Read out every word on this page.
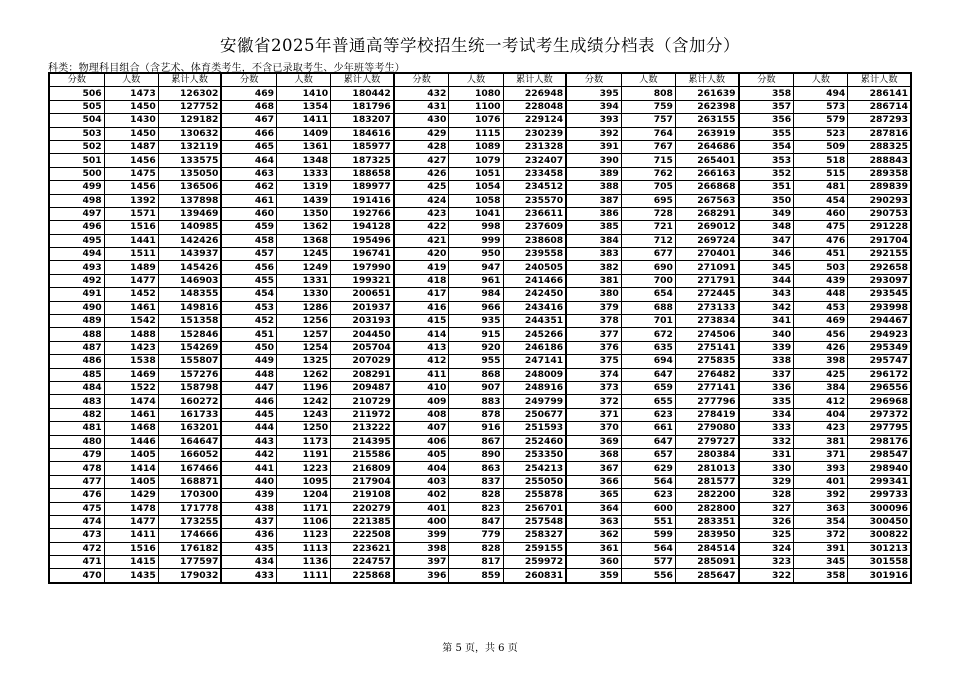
安徽省2025年普通高等学校招生统一考试考生成绩分档表（含加分）
科类：物理科目组合（含艺术、体育类考生，不含已录取考生、少年班等考生）
分数	人数	累计人数	分数	人数	累计人数	分数	人数	累计人数	分数	人数	累计人数	分数	人数	累计人数
506	1473	126302	469	1410	180442	432	1080	226948	395	808	261639	358	494	286141
505	1450	127752	468	1354	181796	431	1100	228048	394	759	262398	357	573	286714
504	1430	129182	467	1411	183207	430	1076	229124	393	757	263155	356	579	287293
503	1450	130632	466	1409	184616	429	1115	230239	392	764	263919	355	523	287816
502	1487	132119	465	1361	185977	428	1089	231328	391	767	264686	354	509	288325
501	1456	133575	464	1348	187325	427	1079	232407	390	715	265401	353	518	288843
500	1475	135050	463	1333	188658	426	1051	233458	389	762	266163	352	515	289358
499	1456	136506	462	1319	189977	425	1054	234512	388	705	266868	351	481	289839
498	1392	137898	461	1439	191416	424	1058	235570	387	695	267563	350	454	290293
497	1571	139469	460	1350	192766	423	1041	236611	386	728	268291	349	460	290753
496	1516	140985	459	1362	194128	422	998	237609	385	721	269012	348	475	291228
495	1441	142426	458	1368	195496	421	999	238608	384	712	269724	347	476	291704
494	1511	143937	457	1245	196741	420	950	239558	383	677	270401	346	451	292155
493	1489	145426	456	1249	197990	419	947	240505	382	690	271091	345	503	292658
492	1477	146903	455	1331	199321	418	961	241466	381	700	271791	344	439	293097
491	1452	148355	454	1330	200651	417	984	242450	380	654	272445	343	448	293545
490	1461	149816	453	1286	201937	416	966	243416	379	688	273133	342	453	293998
489	1542	151358	452	1256	203193	415	935	244351	378	701	273834	341	469	294467
488	1488	152846	451	1257	204450	414	915	245266	377	672	274506	340	456	294923
487	1423	154269	450	1254	205704	413	920	246186	376	635	275141	339	426	295349
486	1538	155807	449	1325	207029	412	955	247141	375	694	275835	338	398	295747
485	1469	157276	448	1262	208291	411	868	248009	374	647	276482	337	425	296172
484	1522	158798	447	1196	209487	410	907	248916	373	659	277141	336	384	296556
483	1474	160272	446	1242	210729	409	883	249799	372	655	277796	335	412	296968
482	1461	161733	445	1243	211972	408	878	250677	371	623	278419	334	404	297372
481	1468	163201	444	1250	213222	407	916	251593	370	661	279080	333	423	297795
480	1446	164647	443	1173	214395	406	867	252460	369	647	279727	332	381	298176
479	1405	166052	442	1191	215586	405	890	253350	368	657	280384	331	371	298547
478	1414	167466	441	1223	216809	404	863	254213	367	629	281013	330	393	298940
477	1405	168871	440	1095	217904	403	837	255050	366	564	281577	329	401	299341
476	1429	170300	439	1204	219108	402	828	255878	365	623	282200	328	392	299733
475	1478	171778	438	1171	220279	401	823	256701	364	600	282800	327	363	300096
474	1477	173255	437	1106	221385	400	847	257548	363	551	283351	326	354	300450
473	1411	174666	436	1123	222508	399	779	258327	362	599	283950	325	372	300822
472	1516	176182	435	1113	223621	398	828	259155	361	564	284514	324	391	301213
471	1415	177597	434	1136	224757	397	817	259972	360	577	285091	323	345	301558
470	1435	179032	433	1111	225868	396	859	260831	359	556	285647	322	358	301916
第 5 页，共 6 页
